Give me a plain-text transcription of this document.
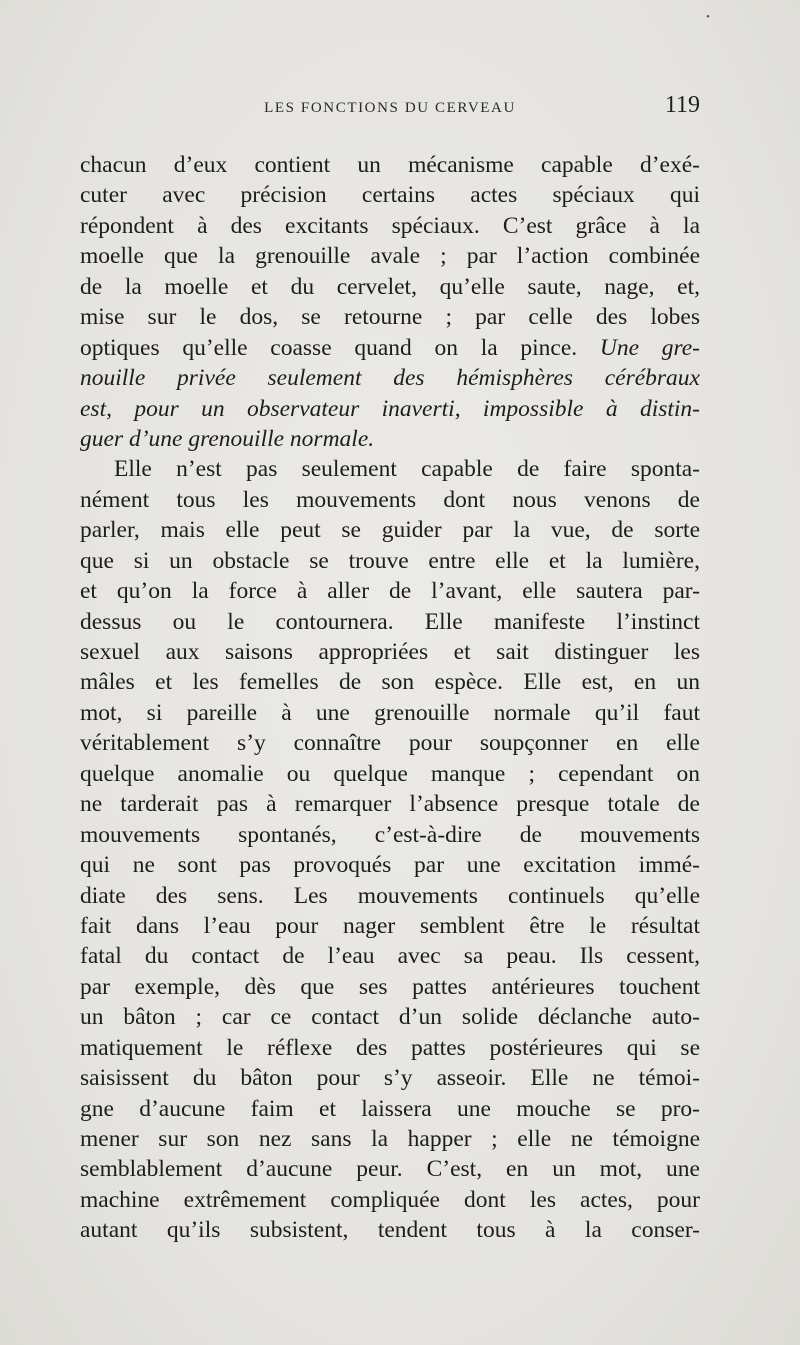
•
LES FONCTIONS DU CERVEAU	119
chacun d’eux contient un mécanisme capable d’exé-
cuter avec précision certains actes spéciaux qui
répondent à des excitants spéciaux. C’est grâce à la
moelle que la grenouille avale ; par l’action combinée
de la moelle et du cervelet, qu’elle saute, nage, et,
mise sur le dos, se retourne ; par celle des lobes
optiques qu’elle coasse quand on la pince. Une gre-
nouille privée seulement des hémisphères cérébraux
est, pour un observateur inaverti, impossible à distin-
guer d’une grenouille normale.
Elle n’est pas seulement capable de faire sponta-
nément tous les mouvements dont nous venons de
parler, mais elle peut se guider par la vue, de sorte
que si un obstacle se trouve entre elle et la lumière,
et qu’on la force à aller de l’avant, elle sautera par-
dessus ou le contournera. Elle manifeste l’instinct
sexuel aux saisons appropriées et sait distinguer les
mâles et les femelles de son espèce. Elle est, en un
mot, si pareille à une grenouille normale qu’il faut
véritablement s’y connaître pour soupçonner en elle
quelque anomalie ou quelque manque ; cependant on
ne tarderait pas à remarquer l’absence presque totale de
mouvements spontanés, c’est-à-dire de mouvements
qui ne sont pas provoqués par une excitation immé-
diate des sens. Les mouvements continuels qu’elle
fait dans l’eau pour nager semblent être le résultat
fatal du contact de l’eau avec sa peau. Ils cessent,
par exemple, dès que ses pattes antérieures touchent
un bâton ; car ce contact d’un solide déclanche auto-
matiquement le réflexe des pattes postérieures qui se
saisissent du bâton pour s’y asseoir. Elle ne témoi-
gne d’aucune faim et laissera une mouche se pro-
mener sur son nez sans la happer ; elle ne témoigne
semblablement d’aucune peur. C’est, en un mot, une
machine extrêmement compliquée dont les actes, pour
autant qu’ils subsistent, tendent tous à la conser-
